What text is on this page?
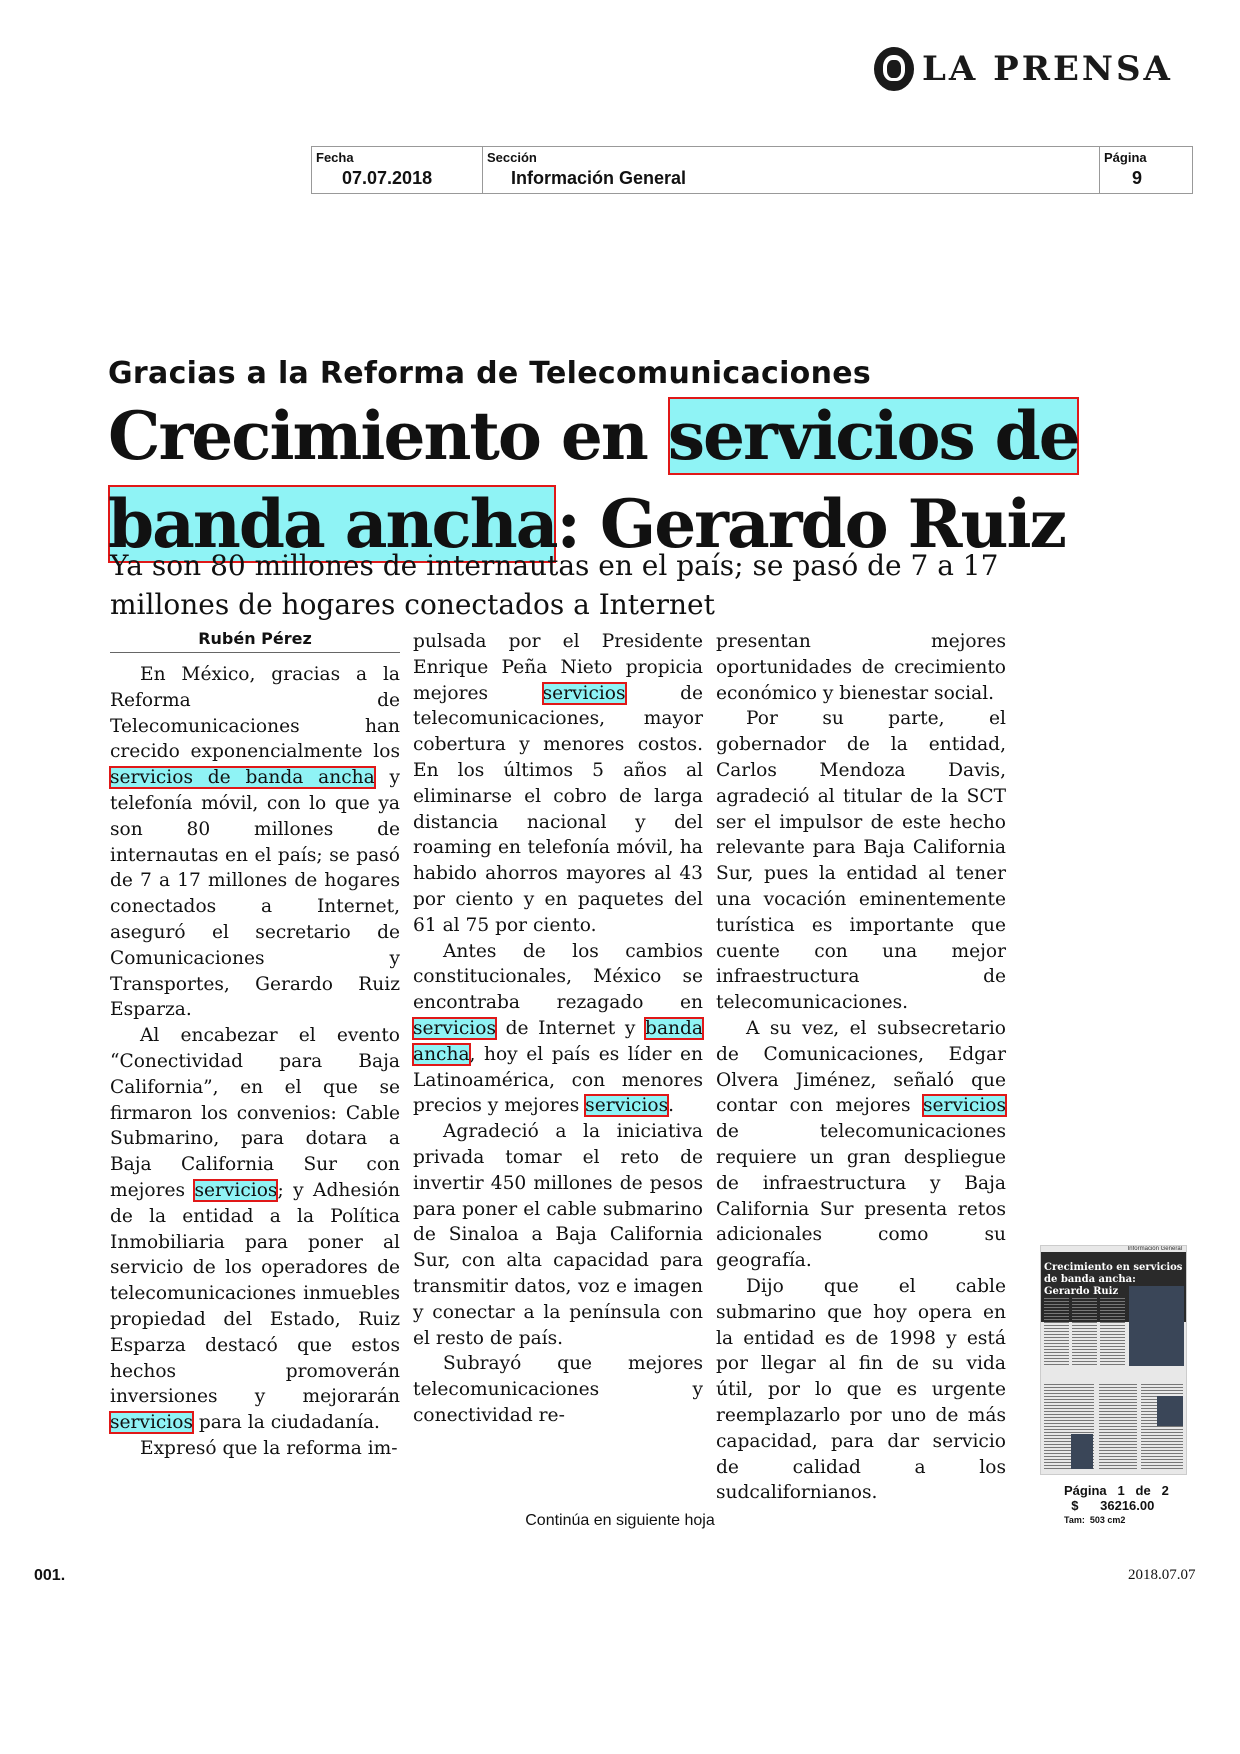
LA PRENSA
Fecha
07.07.2018
Sección
Información General
Página
9
Gracias a la Reforma de Telecomunicaciones
Crecimiento en servicios de
banda ancha: Gerardo Ruiz

Ya son 80 millones de internautas en el país; se pasó de 7 a 17 millones de hogares conectados a Internet

Rubén Pérez

En México, gracias a la Reforma de Telecomunicaciones han crecido exponencialmente los servicios de banda ancha y telefonía móvil, con lo que ya son 80 millones de internautas en el país; se pasó de 7 a 17 millones de hogares conectados a Internet, aseguró el secretario de Comunicaciones y Transportes, Gerardo Ruiz Esparza.

Al encabezar el evento “Conectividad para Baja California”, en el que se firmaron los convenios: Cable Submarino, para dotara a Baja California Sur con mejores servicios; y Adhesión de la entidad a la Política Inmobiliaria para poner al servicio de los operadores de telecomunicaciones inmuebles propiedad del Estado, Ruiz Esparza destacó que estos hechos promoverán inversiones y mejorarán servicios para la ciudadanía.

Expresó que la reforma im-

pulsada por el Presidente Enrique Peña Nieto propicia mejores servicios de telecomunicaciones, mayor cobertura y menores costos. En los últimos 5 años al eliminarse el cobro de larga distancia nacional y del roaming en telefonía móvil, ha habido ahorros mayores al 43 por ciento y en paquetes del 61 al 75 por ciento.

Antes de los cambios constitucionales, México se encontraba rezagado en servicios de Internet y banda ancha, hoy el país es líder en Latinoamérica, con menores precios y mejores servicios.

Agradeció a la iniciativa privada tomar el reto de invertir 450 millones de pesos para poner el cable submarino de Sinaloa a Baja California Sur, con alta capacidad para transmitir datos, voz e imagen y conectar a la península con el resto de país.

Subrayó que mejores telecomunicaciones y conectividad re-

presentan mejores oportunidades de crecimiento económico y bienestar social.

Por su parte, el gobernador de la entidad, Carlos Mendoza Davis, agradeció al titular de la SCT ser el impulsor de este hecho relevante para Baja California Sur, pues la entidad al tener una vocación eminentemente turística es importante que cuente con una mejor infraestructura de telecomunicaciones.

A su vez, el subsecretario de Comunicaciones, Edgar Olvera Jiménez, señaló que contar con mejores servicios de telecomunicaciones requiere un gran despliegue de infraestructura y Baja California Sur presenta retos adicionales como su geografía.

Dijo que el cable submarino que hoy opera en la entidad es de 1998 y está por llegar al fin de su vida útil, por lo que es urgente reemplazarlo por uno de más capacidad, para dar servicio de calidad a los sudcalifornianos.

Información General
Crecimiento en servicios de banda ancha: Gerardo Ruiz
Página 1 de 2
$ 36216.00
Tam: 503 cm2
Continúa en siguiente hoja
001.	2018.07.07
